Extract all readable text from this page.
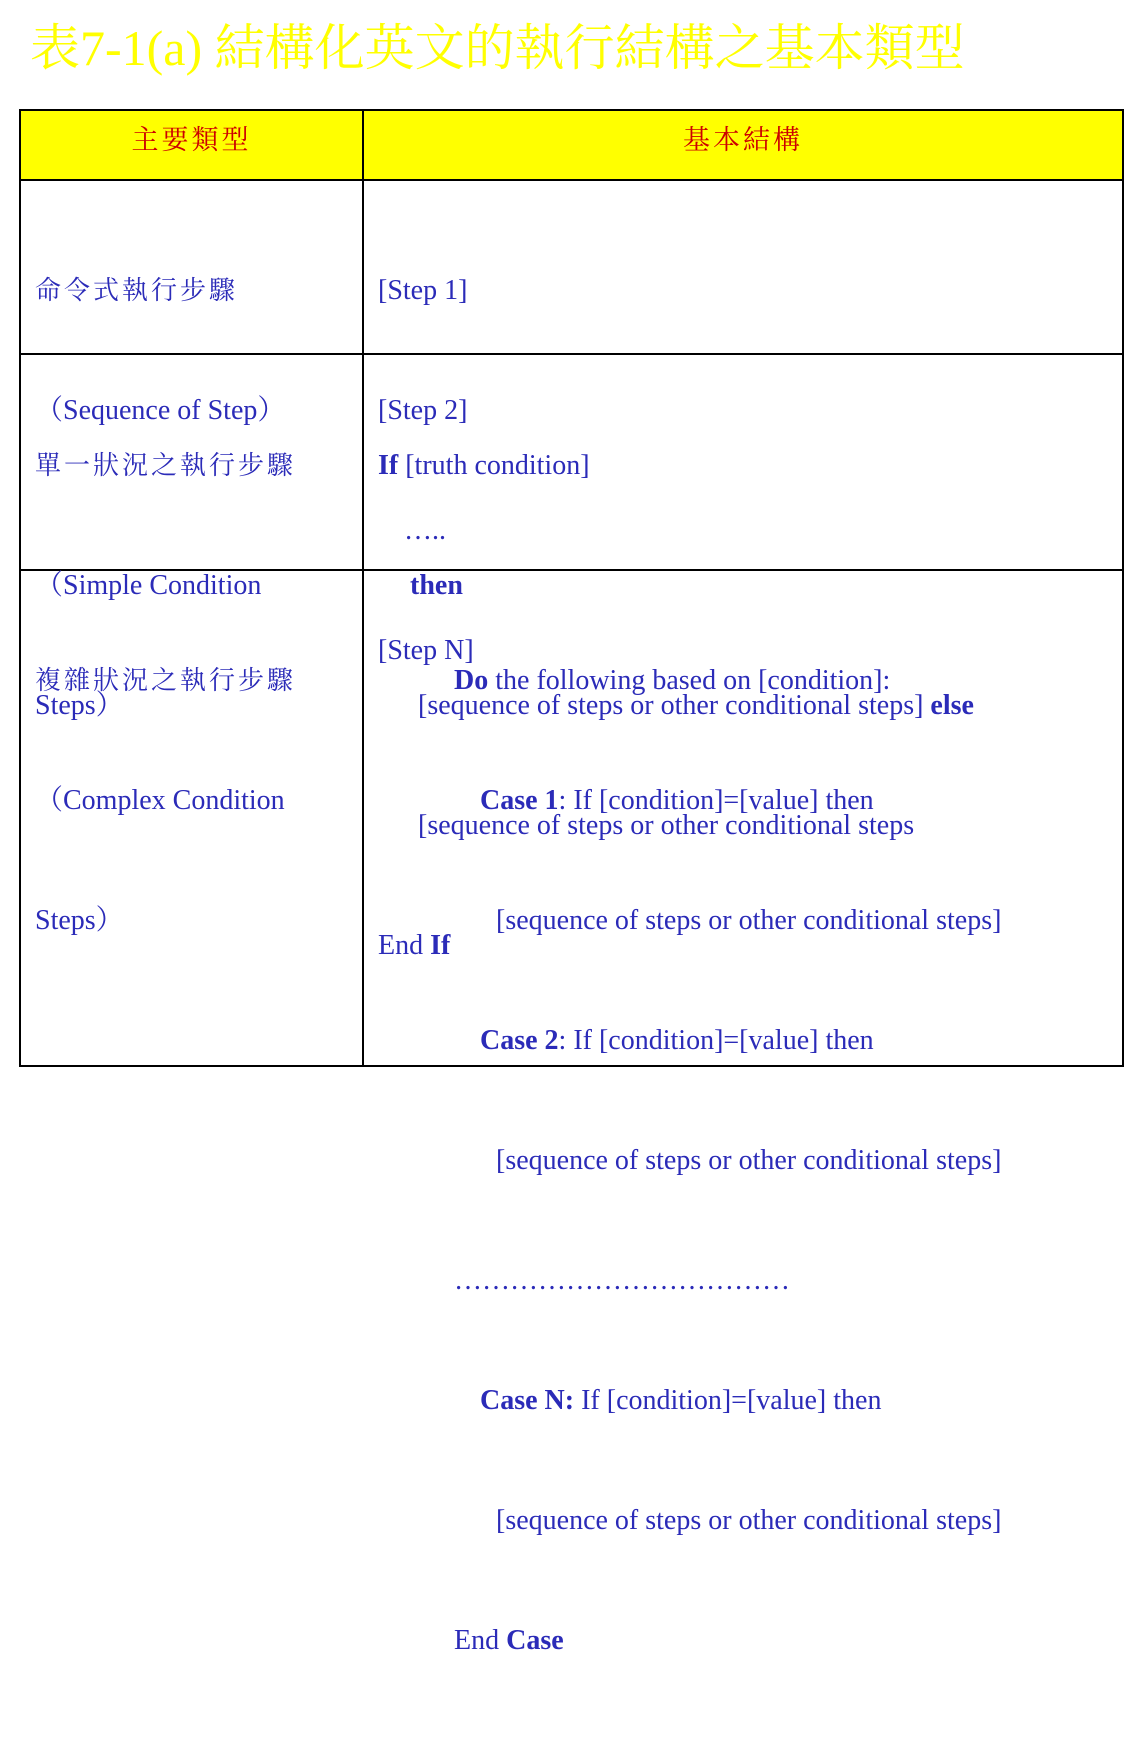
表7-1(a) 結構化英文的執行結構之基本類型
主要類型	基本結構

命令式執行步驟

（Sequence of Step）

[Step 1]

[Step 2]

…..

[Step N]

單一狀況之執行步驟

（Simple Condition

Steps）

If [truth condition]

then

[sequence of steps or other conditional steps] else

[sequence of steps or other conditional steps

End If

複雜狀況之執行步驟

（Complex Condition

Steps）

Do the following based on [condition]:

Case 1: If [condition]=[value] then

[sequence of steps or other conditional steps]

Case 2: If [condition]=[value] then

[sequence of steps or other conditional steps]

………………………………

Case N: If [condition]=[value] then

[sequence of steps or other conditional steps]

End Case
